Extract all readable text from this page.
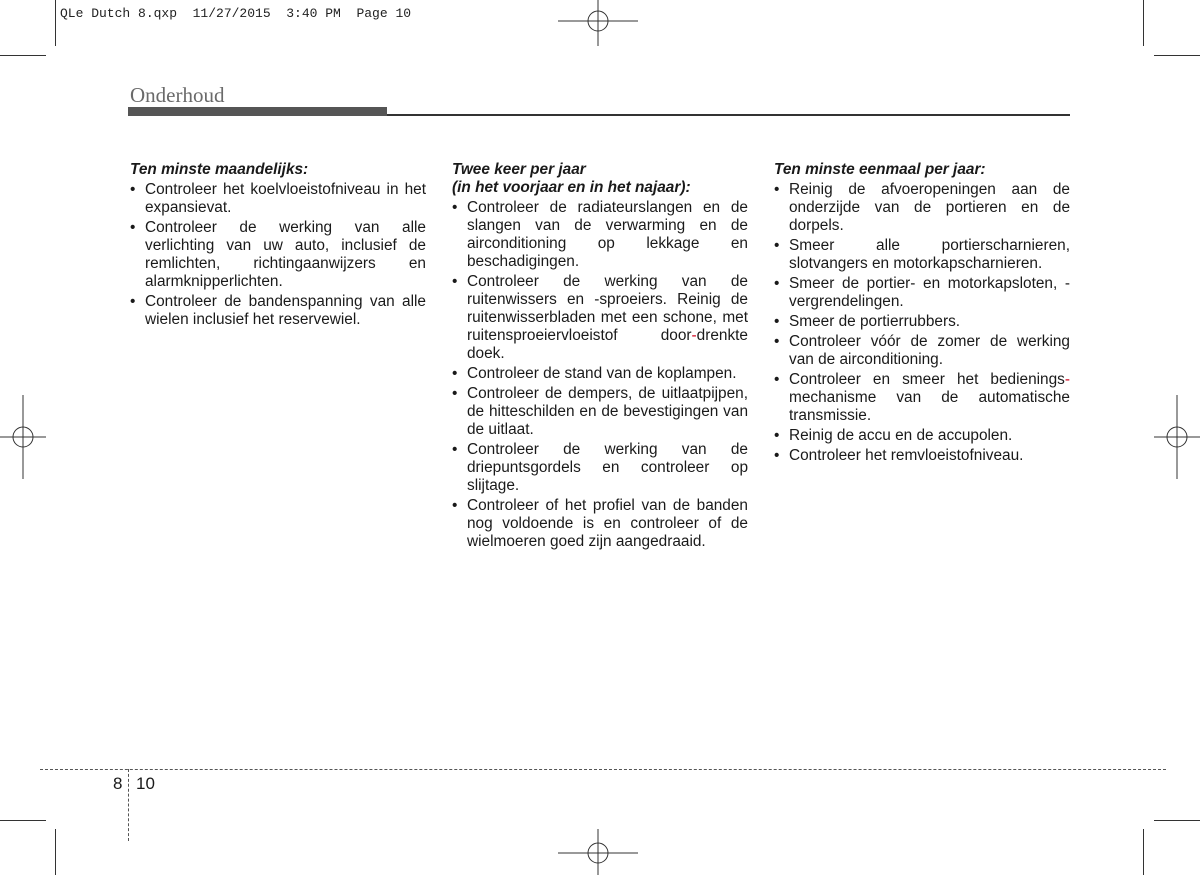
QLe Dutch 8.qxp  11/27/2015  3:40 PM  Page 10
Onderhoud
Ten minste maandelijks:
• Controleer het koelvloeistofniveau in het expansievat.
• Controleer de werking van alle verlichting van uw auto, inclusief de remlichten, richtingaanwijzers en alarmknipperlichten.
• Controleer de bandenspanning van alle wielen inclusief het reservewiel.
Twee keer per jaar
(in het voorjaar en in het najaar):
• Controleer de radiateurslangen en de slangen van de verwarming en de airconditioning op lekkage en beschadigingen.
• Controleer de werking van de ruitenwissers en -sproeiers. Reinig de ruitenwisserbladen met een schone, met ruitensproeiervloeistof door-drenkte doek.
• Controleer de stand van de koplampen.
• Controleer de dempers, de uitlaatpijpen, de hitteschilden en de bevestigingen van de uitlaat.
• Controleer de werking van de driepuntsgordels en controleer op slijtage.
• Controleer of het profiel van de banden nog voldoende is en controleer of de wielmoeren goed zijn aangedraaid.
Ten minste eenmaal per jaar:
• Reinig de afvoeropeningen aan de onderzijde van de portieren en de dorpels.
• Smeer alle portierscharnieren, slotvangers en motorkapscharnieren.
• Smeer de portier- en motorkapsloten, -vergrendelingen.
• Smeer de portierrubbers.
• Controleer vóór de zomer de werking van de airconditioning.
• Controleer en smeer het bedienings-mechanisme van de automatische transmissie.
• Reinig de accu en de accupolen.
• Controleer het remvloeistofniveau.
8 10
